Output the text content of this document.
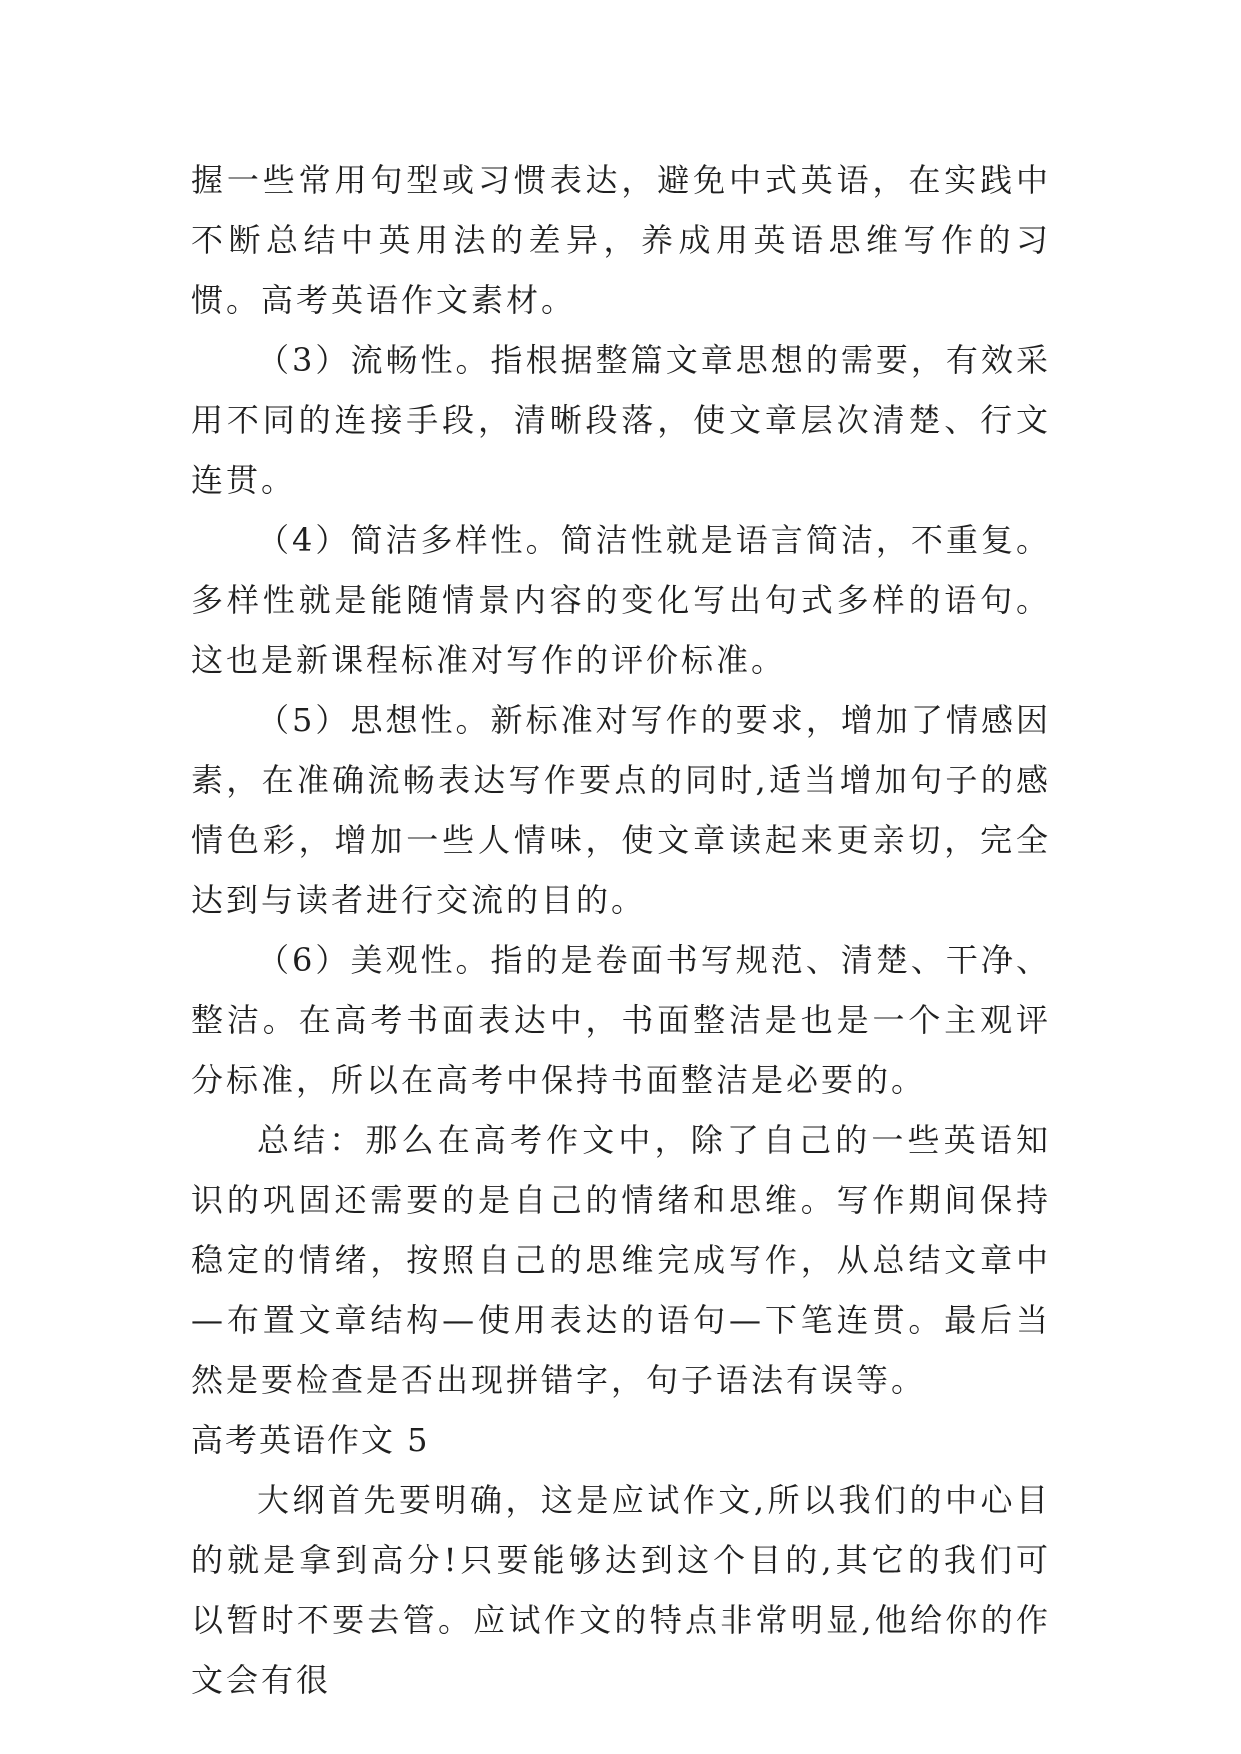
握一些常用句型或习惯表达，避免中式英语，在实践中不断总结中英用法的差异，养成用英语思维写作的习惯。高考英语作文素材。

（3）流畅性。指根据整篇文章思想的需要，有效采用不同的连接手段，清晰段落，使文章层次清楚、行文连贯。

（4）简洁多样性。简洁性就是语言简洁，不重复。多样性就是能随情景内容的变化写出句式多样的语句。这也是新课程标准对写作的评价标准。

（5）思想性。新标准对写作的要求，增加了情感因素，在准确流畅表达写作要点的同时,适当增加句子的感情色彩，增加一些人情味，使文章读起来更亲切，完全达到与读者进行交流的目的。

（6）美观性。指的是卷面书写规范、清楚、干净、整洁。在高考书面表达中，书面整洁是也是一个主观评分标准，所以在高考中保持书面整洁是必要的。

总结：那么在高考作文中，除了自己的一些英语知识的巩固还需要的是自己的情绪和思维。写作期间保持稳定的情绪，按照自己的思维完成写作，从总结文章中—布置文章结构—使用表达的语句—下笔连贯。最后当然是要检查是否出现拼错字，句子语法有误等。

高考英语作文 5

大纲首先要明确，这是应试作文,所以我们的中心目的就是拿到高分!只要能够达到这个目的,其它的我们可以暂时不要去管。应试作文的特点非常明显,他给你的作文会有很
